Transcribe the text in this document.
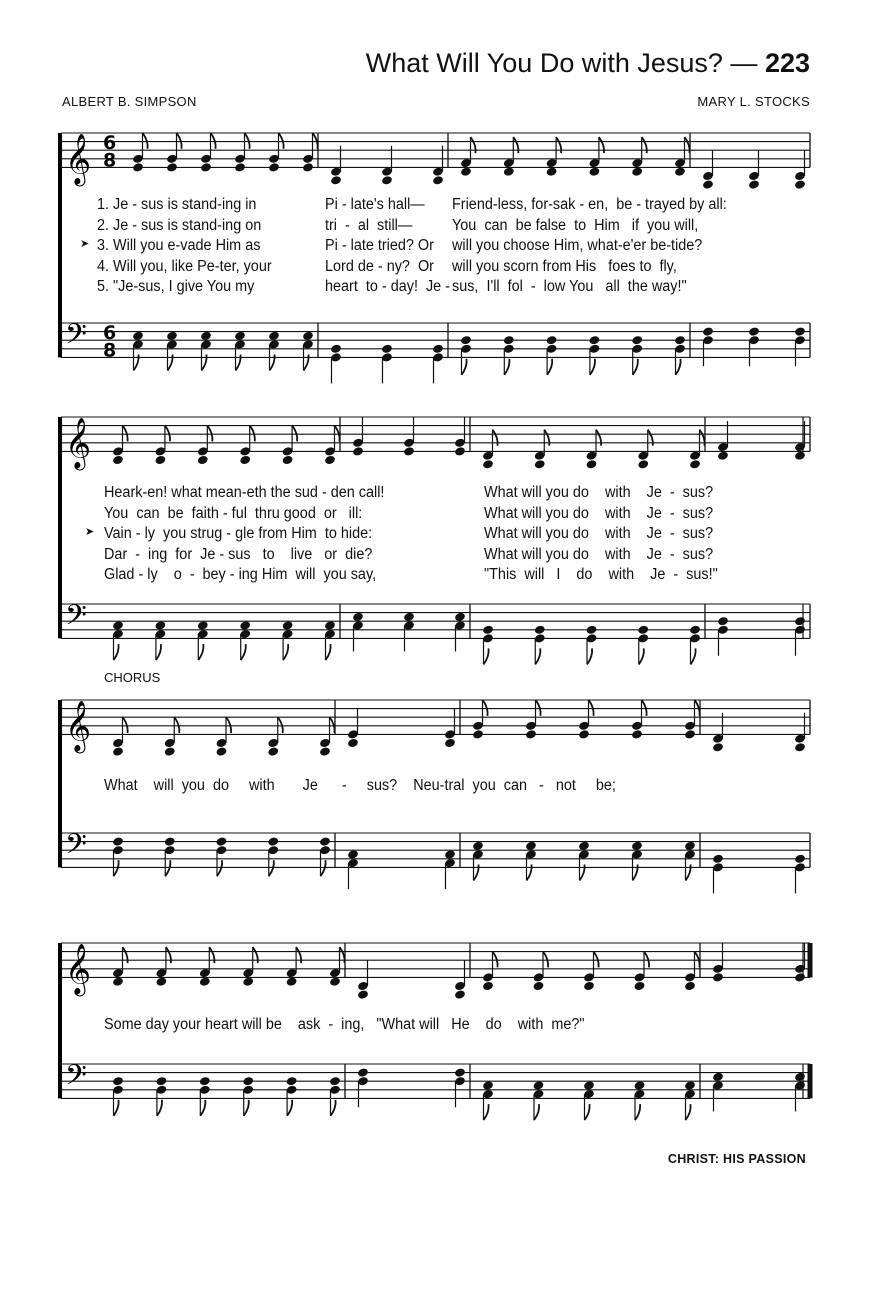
𝄞 6
8
𝄢 6
8
𝄞
𝄢
𝄞
𝄢
𝄞
𝄢
What Will You Do with Jesus? — 223
ALBERT B. SIMPSON	MARY L. STOCKS
1. Je - sus is stand-ing in	Pi - late's hall— Friend-less, for-sak - en,  be - trayed by all:
2. Je - sus is stand-ing on	tri  -  al  still—	You  can  be false  to  Him   if  you will,
3. Will you e-vade Him as	Pi - late tried? Or will you choose Him, what-e'er be-tide?
4. Will you, like Pe-ter, your	Lord de - ny?  Or will you scorn from His   foes to  fly,
5. "Je-sus, I give You my	heart  to - day!  Je - sus,  I'll  fol  -  low You   all  the way!"
Heark-en! what mean-eth the sud - den call!	What will you do    with    Je  -  sus?
You  can  be  faith - ful  thru good  or   ill:	What will you do    with    Je  -  sus?
Vain - ly  you strug - gle from Him  to hide:	What will you do    with    Je  -  sus?
Dar  -  ing  for  Je - sus   to    live   or  die?	What will you do    with    Je  -  sus?
Glad - ly    o  -  bey - ing Him  will  you say,	"This  will   I    do    with    Je  -  sus!"
CHORUS
What    will  you  do     with       Je      -     sus?    Neu-tral  you  can   -   not     be;
Some day your heart will be    ask  -  ing,   "What will   He    do    with  me?"
CHRIST: HIS PASSION
➤
➤
